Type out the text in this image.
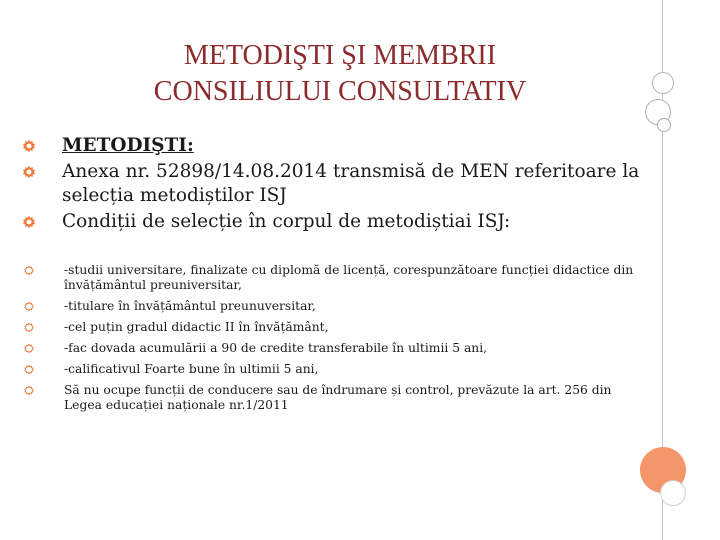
METODIŞTI ŞI MEMBRII
CONSILIULUI CONSULTATIV
METODIŞTI:
Anexa nr. 52898/14.08.2014 transmisă de MEN referitoare la selecția metodiștilor ISJ
Condiții de selecție în corpul de metodiștiai ISJ:
-studii universitare, finalizate cu diplomă de licență, corespunzătoare funcției didactice din învățământul preuniversitar,
-titulare în învățământul preunuversitar,
-cel puțin gradul didactic II în învățământ,
-fac dovada acumulării a 90 de credite transferabile în ultimii 5 ani,
-calificativul Foarte bune în ultimii 5 ani,
Să nu ocupe funcții de conducere sau de îndrumare și control, prevăzute la art. 256 din Legea educației naționale nr.1/2011
